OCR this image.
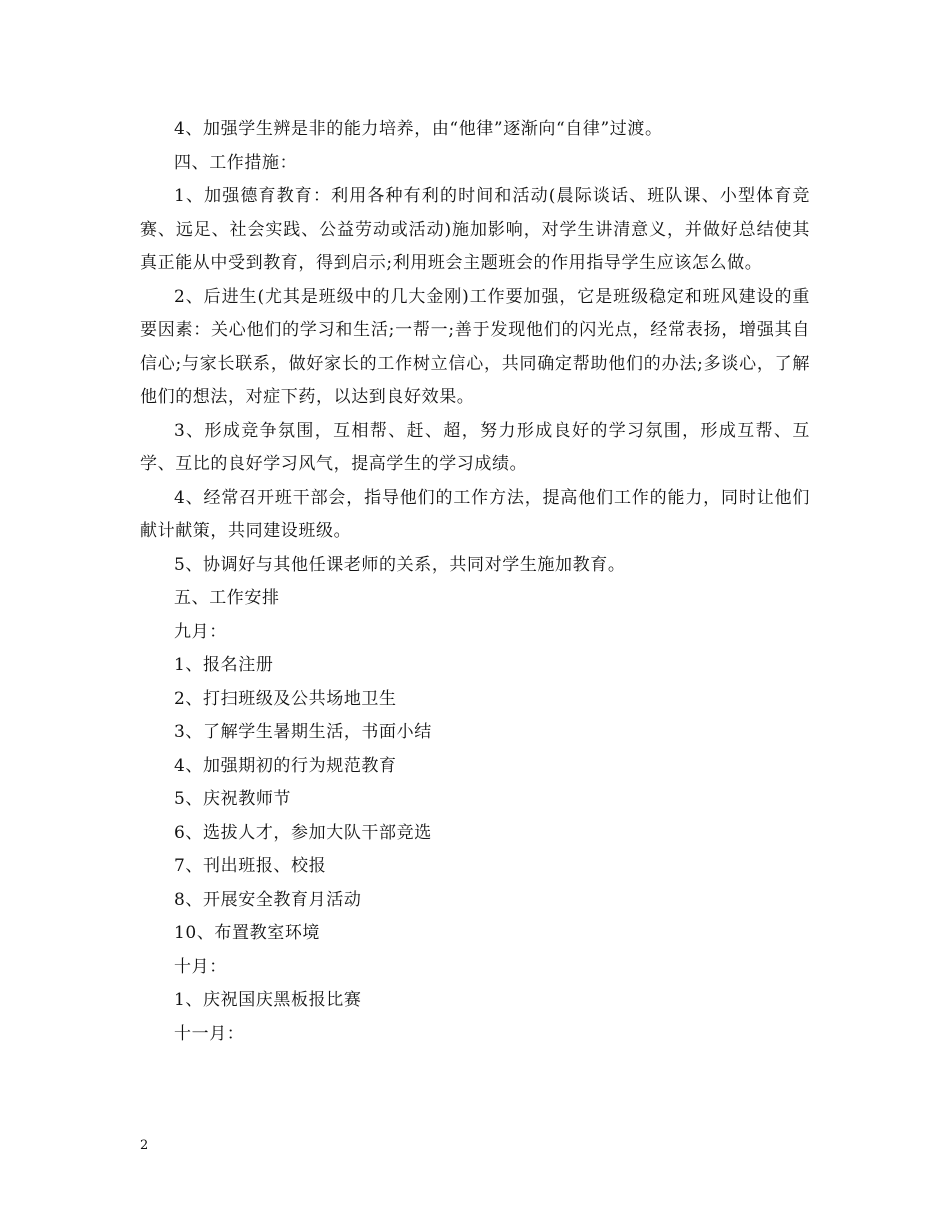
4、加强学生辨是非的能力培养，由“他律”逐渐向“自律”过渡。

四、工作措施：

1、加强德育教育：利用各种有利的时间和活动(晨际谈话、班队课、小型体育竞赛、远足、社会实践、公益劳动或活动)施加影响，对学生讲清意义，并做好总结使其真正能从中受到教育，得到启示;利用班会主题班会的作用指导学生应该怎么做。

2、后进生(尤其是班级中的几大金刚)工作要加强，它是班级稳定和班风建设的重要因素：关心他们的学习和生活;一帮一;善于发现他们的闪光点，经常表扬，增强其自信心;与家长联系，做好家长的工作树立信心，共同确定帮助他们的办法;多谈心，了解他们的想法，对症下药，以达到良好效果。

3、形成竞争氛围，互相帮、赶、超，努力形成良好的学习氛围，形成互帮、互学、互比的良好学习风气，提高学生的学习成绩。

4、经常召开班干部会，指导他们的工作方法，提高他们工作的能力，同时让他们献计献策，共同建设班级。

5、协调好与其他任课老师的关系，共同对学生施加教育。

五、工作安排

九月：

1、报名注册

2、打扫班级及公共场地卫生

3、了解学生暑期生活，书面小结

4、加强期初的行为规范教育

5、庆祝教师节

6、选拔人才，参加大队干部竞选

7、刊出班报、校报

8、开展安全教育月活动

10、布置教室环境

十月：

1、庆祝国庆黑板报比赛

十一月：

2
